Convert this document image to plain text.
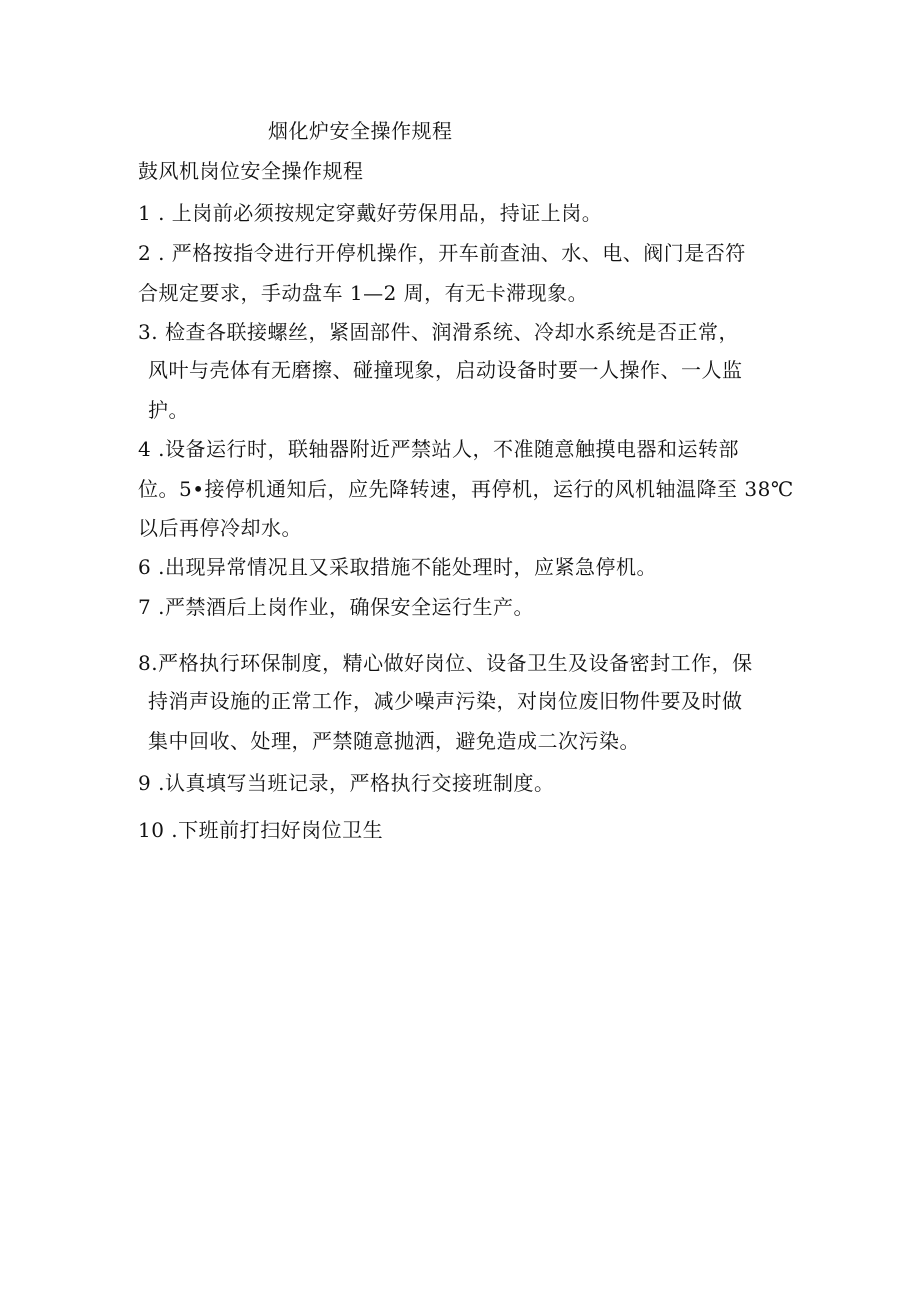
烟化炉安全操作规程
鼓风机岗位安全操作规程
1 . 上岗前必须按规定穿戴好劳保用品，持证上岗。
2 . 严格按指令进行开停机操作，开车前查油、水、电、阀门是否符
合规定要求，手动盘车 1—2 周，有无卡滞现象。
3. 检查各联接螺丝，紧固部件、润滑系统、冷却水系统是否正常，
风叶与壳体有无磨擦、碰撞现象，启动设备时要一人操作、一人监
护。
4 .设备运行时，联轴器附近严禁站人，不准随意触摸电器和运转部
位。5•接停机通知后，应先降转速，再停机，运行的风机轴温降至 38℃
以后再停冷却水。
6 .出现异常情况且又采取措施不能处理时，应紧急停机。
7 .严禁酒后上岗作业，确保安全运行生产。
8.严格执行环保制度，精心做好岗位、设备卫生及设备密封工作，保
持消声设施的正常工作，减少噪声污染，对岗位废旧物件要及时做
集中回收、处理，严禁随意抛洒，避免造成二次污染。
9 .认真填写当班记录，严格执行交接班制度。
10 .下班前打扫好岗位卫生
